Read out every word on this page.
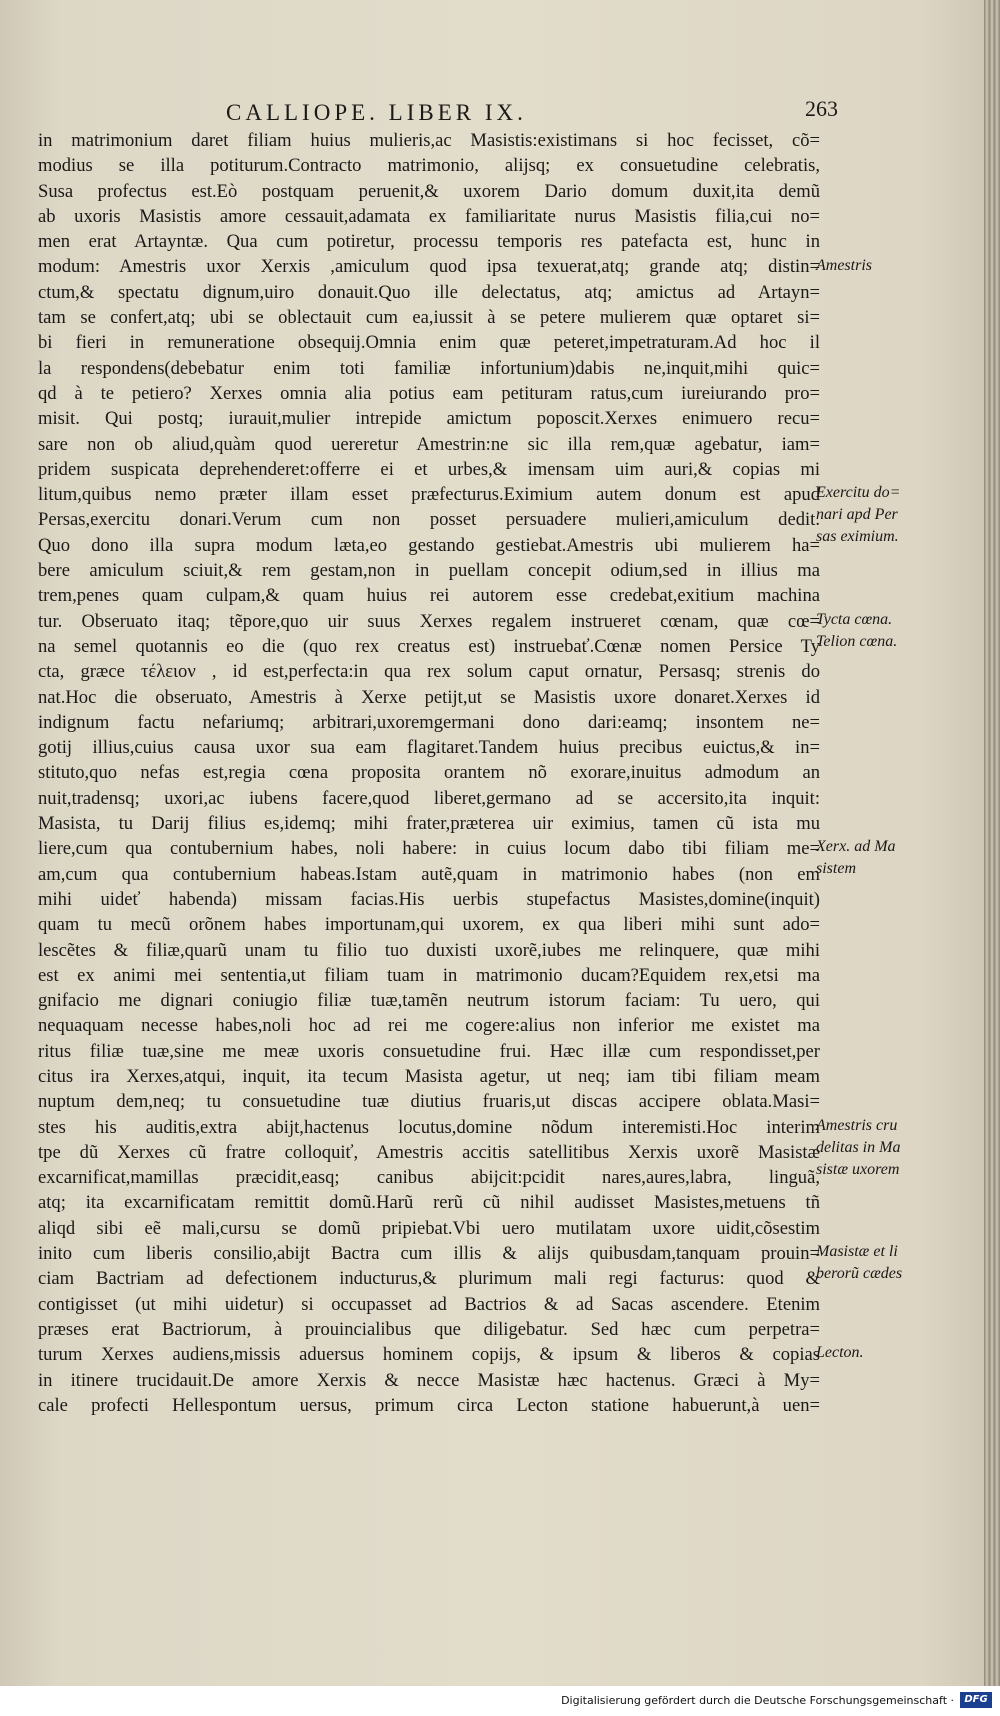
CALLIOPE. LIBER IX.	263
in matrimonium daret filiam huius mulieris,ac Masistis:existimans si hoc fecisset, cõ=
modius se illa potiturum.Contracto matrimonio, alijsq; ex consuetudine celebratis,
Susa profectus est.Eò postquam peruenit,& uxorem Dario domum duxit,ita demũ
ab uxoris Masistis amore cessauit,adamata ex familiaritate nurus Masistis filia,cui no=
men erat Artayntæ. Qua cum potiretur, processu temporis res patefacta est, hunc in
modum: Amestris uxor Xerxis ,amiculum quod ipsa texuerat,atq; grande atq; distin=
ctum,& spectatu dignum,uiro donauit.Quo ille delectatus, atq; amictus ad Artayn=
tam se confert,atq; ubi se oblectauit cum ea,iussit à se petere mulierem quæ optaret si=
bi fieri in remuneratione obsequij.Omnia enim quæ peteret,impetraturam.Ad hoc il
la respondens(debebatur enim toti familiæ infortunium)dabis ne,inquit,mihi quic=
qd à te petiero? Xerxes omnia alia potius eam petituram ratus,cum iureiurando pro=
misit. Qui postq; iurauit,mulier intrepide amictum poposcit.Xerxes enimuero recu=
sare non ob aliud,quàm quod uereretur Amestrin:ne sic illa rem,quæ agebatur, iam=
pridem suspicata deprehenderet:offerre ei et urbes,& imensam uim auri,& copias mi
litum,quibus nemo præter illam esset præfecturus.Eximium autem donum est apud
Persas,exercitu donari.Verum cum non posset persuadere mulieri,amiculum dedit.
Quo dono illa supra modum læta,eo gestando gestiebat.Amestris ubi mulierem ha=
bere amiculum sciuit,& rem gestam,non in puellam concepit odium,sed in illius ma
trem,penes quam culpam,& quam huius rei autorem esse credebat,exitium machina
tur. Obseruato itaq; tẽpore,quo uir suus Xerxes regalem instrueret cœnam, quæ cœ=
na semel quotannis eo die (quo rex creatus est) instruebať.Cœnæ nomen Persice Ty
cta, græce τέλειον , id est,perfecta:in qua rex solum caput ornatur, Persasq; strenis do
nat.Hoc die obseruato, Amestris à Xerxe petijt,ut se Masistis uxore donaret.Xerxes id
indignum factu nefariumq; arbitrari,uxoremgermani dono dari:eamq; insontem ne=
gotij illius,cuius causa uxor sua eam flagitaret.Tandem huius precibus euictus,& in=
stituto,quo nefas est,regia cœna proposita orantem nõ exorare,inuitus admodum an
nuit,tradensq; uxori,ac iubens facere,quod liberet,germano ad se accersito,ita inquit:
Masista, tu Darij filius es,idemq; mihi frater,præterea uir eximius, tamen cũ ista mu
liere,cum qua contubernium habes, noli habere: in cuius locum dabo tibi filiam me=
am,cum qua contubernium habeas.Istam autẽ,quam in matrimonio habes (non em
mihi uideť habenda) missam facias.His uerbis stupefactus Masistes,domine(inquit)
quam tu mecũ orõnem habes importunam,qui uxorem, ex qua liberi mihi sunt ado=
lescẽtes & filiæ,quarũ unam tu filio tuo duxisti uxorẽ,iubes me relinquere, quæ mihi
est ex animi mei sententia,ut filiam tuam in matrimonio ducam?Equidem rex,etsi ma
gnifacio me dignari coniugio filiæ tuæ,tamẽn neutrum istorum faciam: Tu uero, qui
nequaquam necesse habes,noli hoc ad rei me cogere:alius non inferior me existet ma
ritus filiæ tuæ,sine me meæ uxoris consuetudine frui. Hæc illæ cum respondisset,per
citus ira Xerxes,atqui, inquit, ita tecum Masista agetur, ut neq; iam tibi filiam meam
nuptum dem,neq; tu consuetudine tuæ diutius fruaris,ut discas accipere oblata.Masi=
stes his auditis,extra abijt,hactenus locutus,domine nõdum interemisti.Hoc interim
tpe dũ Xerxes cũ fratre colloquiť, Amestris accitis satellitibus Xerxis uxorẽ Masistæ
excarnificat,mamillas præcidit,easq; canibus abijcit:pcidit nares,aures,labra, linguã,
atq; ita excarnificatam remittit domũ.Harũ rerũ cũ nihil audisset Masistes,metuens tñ
aliqd sibi eẽ mali,cursu se domũ pripiebat.Vbi uero mutilatam uxore uidit,cõsestim
inito cum liberis consilio,abijt Bactra cum illis & alijs quibusdam,tanquam prouin=
ciam Bactriam ad defectionem inducturus,& plurimum mali regi facturus: quod &
contigisset (ut mihi uidetur) si occupasset ad Bactrios & ad Sacas ascendere. Etenim
præses erat Bactriorum, à prouincialibus que diligebatur. Sed hæc cum perpetra=
turum Xerxes audiens,missis aduersus hominem copijs, & ipsum & liberos & copias
in itinere trucidauit.De amore Xerxis & necce Masistæ hæc hactenus. Græci à My=
cale profecti Hellespontum uersus, primum circa Lecton statione habuerunt,à uen=
Amestris
Exercitu do=
nari apd Per
sas eximium.
Tycta cœna.
Telion cœna.
Xerx. ad Ma
sistem
Amestris cru
delitas in Ma
sistæ uxorem
Masistæ et li
berorũ cædes
Lecton.
Digitalisierung gefördert durch die Deutsche Forschungsgemeinschaft ·	DFG
